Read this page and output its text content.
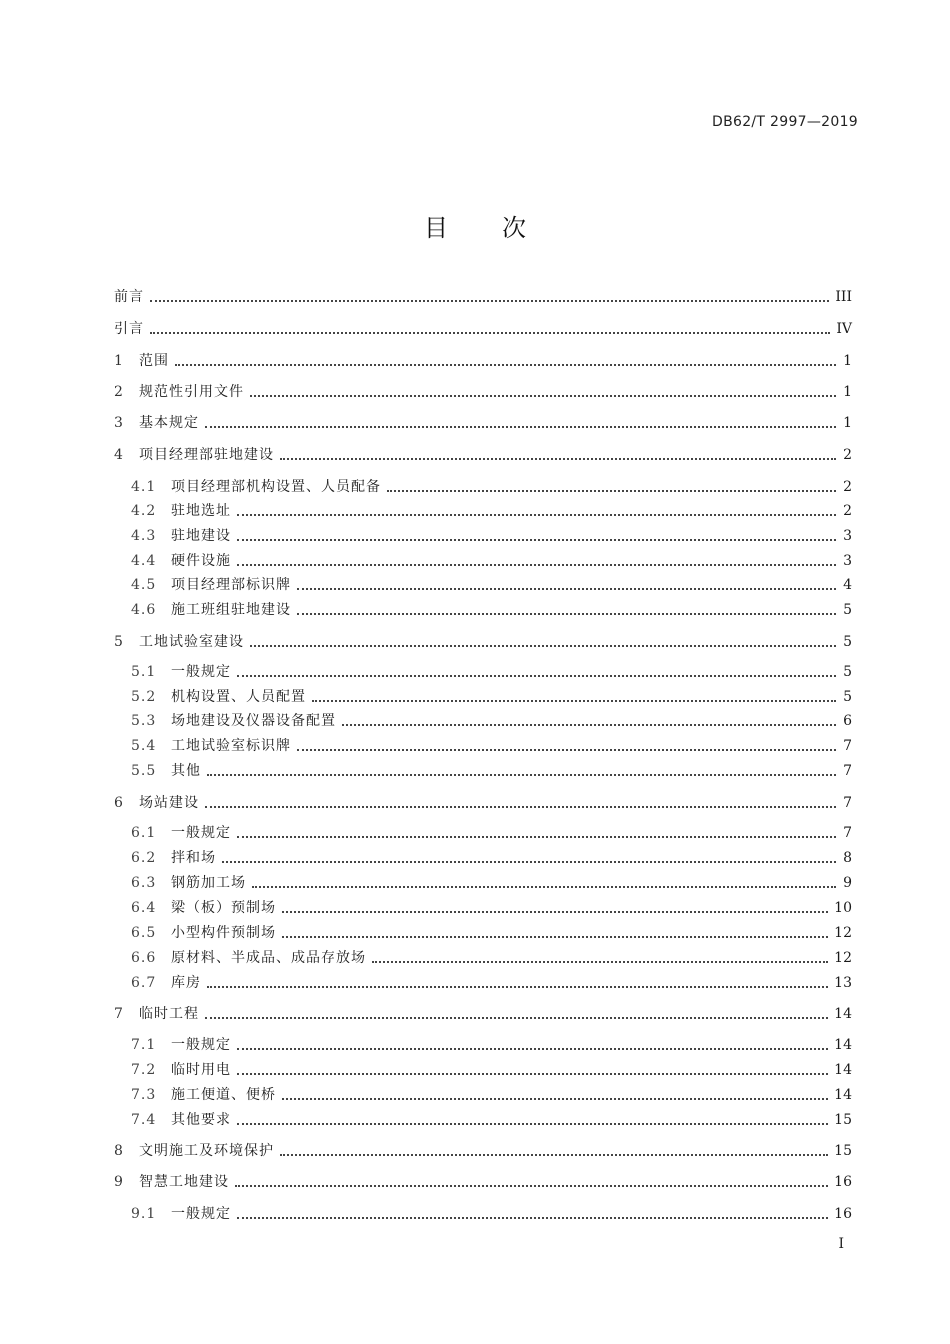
DB62/T 2997—2019
目次
前言	III
引言	IV
1	范围	1
2	规范性引用文件	1
3	基本规定	1
4	项目经理部驻地建设	2
4.1	项目经理部机构设置、人员配备	2
4.2	驻地选址	2
4.3	驻地建设	3
4.4	硬件设施	3
4.5	项目经理部标识牌	4
4.6	施工班组驻地建设	5
5	工地试验室建设	5
5.1	一般规定	5
5.2	机构设置、人员配置	5
5.3	场地建设及仪器设备配置	6
5.4	工地试验室标识牌	7
5.5	其他	7
6	场站建设	7
6.1	一般规定	7
6.2	拌和场	8
6.3	钢筋加工场	9
6.4	梁（板）预制场	10
6.5	小型构件预制场	12
6.6	原材料、半成品、成品存放场	12
6.7	库房	13
7	临时工程	14
7.1	一般规定	14
7.2	临时用电	14
7.3	施工便道、便桥	14
7.4	其他要求	15
8	文明施工及环境保护	15
9	智慧工地建设	16
9.1	一般规定	16
I
